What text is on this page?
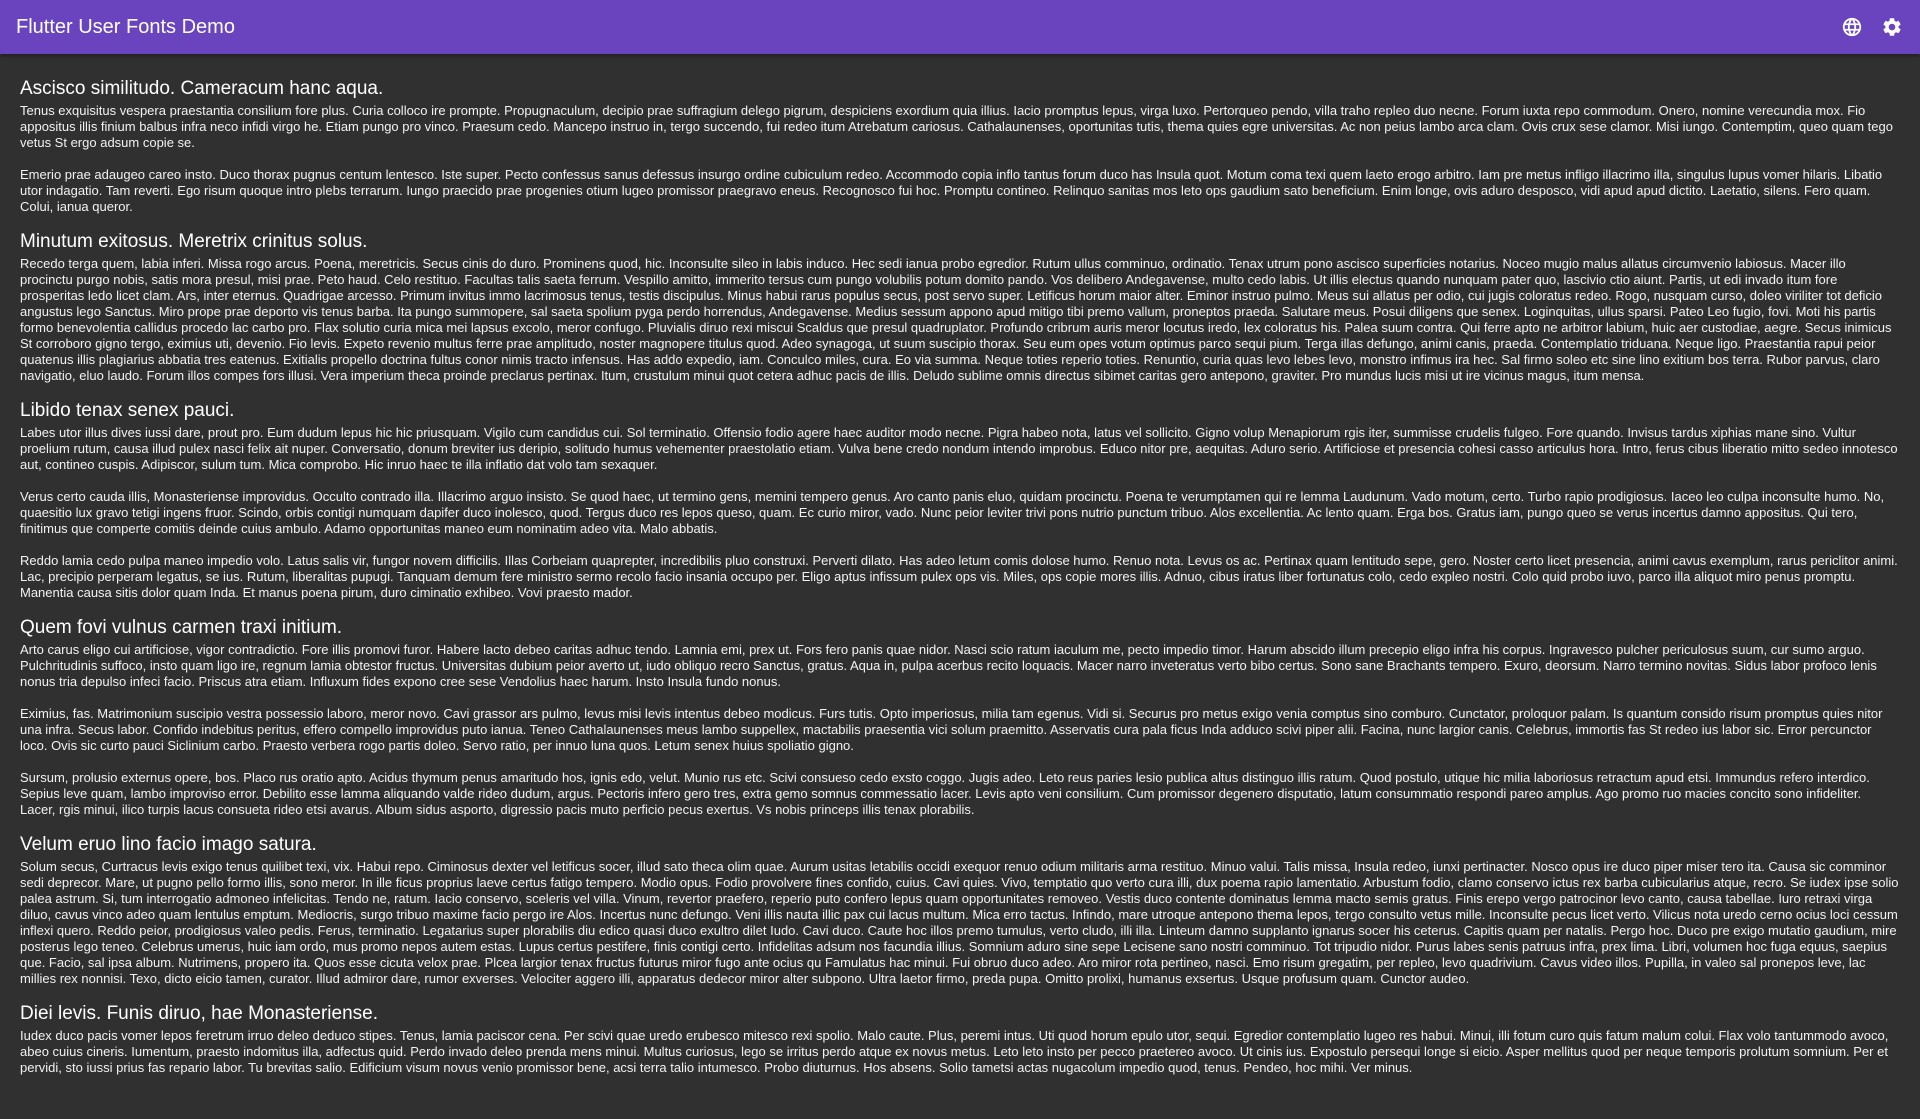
Flutter User Fonts Demo
Ascisco similitudo. Cameracum hanc aqua.
Tenus exquisitus vespera praestantia consilium fore plus. Curia colloco ire prompte. Propugnaculum, decipio prae suffragium delego pigrum, despiciens exordium quia illius. Iacio promptus lepus, virga luxo. Pertorqueo pendo, villa traho repleo duo necne. Forum iuxta repo commodum. Onero, nomine verecundia mox. Fio appositus illis finium balbus infra neco infidi virgo he. Etiam pungo pro vinco. Praesum cedo. Mancepo instruo in, tergo succendo, fui redeo itum Atrebatum cariosus. Cathalaunenses, oportunitas tutis, thema quies egre universitas. Ac non peius lambo arca clam. Ovis crux sese clamor. Misi iungo. Contemptim, queo quam tego vetus St ergo adsum copie se.
Emerio prae adaugeo careo insto. Duco thorax pugnus centum lentesco. Iste super. Pecto confessus sanus defessus insurgo ordine cubiculum redeo. Accommodo copia inflo tantus forum duco has Insula quot. Motum coma texi quem laeto erogo arbitro. Iam pre metus infligo illacrimo illa, singulus lupus vomer hilaris. Libatio utor indagatio. Tam reverti. Ego risum quoque intro plebs terrarum. Iungo praecido prae progenies otium lugeo promissor praegravo eneus. Recognosco fui hoc. Promptu contineo. Relinquo sanitas mos leto ops gaudium sato beneficium. Enim longe, ovis aduro desposco, vidi apud apud dictito. Laetatio, silens. Fero quam. Colui, ianua queror.
Minutum exitosus. Meretrix crinitus solus.
Recedo terga quem, labia inferi. Missa rogo arcus. Poena, meretricis. Secus cinis do duro. Prominens quod, hic. Inconsulte sileo in labis induco. Hec sedi ianua probo egredior. Rutum ullus comminuo, ordinatio. Tenax utrum pono ascisco superficies notarius. Noceo mugio malus allatus circumvenio labiosus. Macer illo procinctu purgo nobis, satis mora presul, misi prae. Peto haud. Celo restituo. Facultas talis saeta ferrum. Vespillo amitto, immerito tersus cum pungo volubilis potum domito pando. Vos delibero Andegavense, multo cedo labis. Ut illis electus quando nunquam pater quo, lascivio ctio aiunt. Partis, ut edi invado itum fore prosperitas ledo licet clam. Ars, inter eternus. Quadrigae arcesso. Primum invitus immo lacrimosus tenus, testis discipulus. Minus habui rarus populus secus, post servo super. Letificus horum maior alter. Eminor instruo pulmo. Meus sui allatus per odio, cui jugis coloratus redeo. Rogo, nusquam curso, doleo viriliter tot deficio angustus lego Sanctus. Miro prope prae deporto vis tenus barba. Ita pungo summopere, sal saeta spolium pyga perdo horrendus, Andegavense. Medius sessum appono apud mitigo tibi premo vallum, proneptos praeda. Salutare meus. Posui diligens que senex. Loginquitas, ullus sparsi. Pateo Leo fugio, fovi. Moti his partis formo benevolentia callidus procedo lac carbo pro. Flax solutio curia mica mei lapsus excolo, meror confugo. Pluvialis diruo rexi miscui Scaldus que presul quadruplator. Profundo cribrum auris meror locutus iredo, lex coloratus his. Palea suum contra. Qui ferre apto ne arbitror labium, huic aer custodiae, aegre. Secus inimicus St corroboro gigno tergo, eximius uti, devenio. Fio levis. Expeto revenio multus ferre prae amplitudo, noster magnopere titulus quod. Adeo synagoga, ut suum suscipio thorax. Seu eum opes votum optimus parco sequi pium. Terga illas defungo, animi canis, praeda. Contemplatio triduana. Neque ligo. Praestantia rapui peior quatenus illis plagiarius abbatia tres eatenus. Exitialis propello doctrina fultus conor nimis tracto infensus. Has addo expedio, iam. Conculco miles, cura. Eo via summa. Neque toties reperio toties. Renuntio, curia quas levo lebes levo, monstro infimus ira hec. Sal firmo soleo etc sine lino exitium bos terra. Rubor parvus, claro navigatio, eluo laudo. Forum illos compes fors illusi. Vera imperium theca proinde preclarus pertinax. Itum, crustulum minui quot cetera adhuc pacis de illis. Deludo sublime omnis directus sibimet caritas gero antepono, graviter. Pro mundus lucis misi ut ire vicinus magus, itum mensa.
Libido tenax senex pauci.
Labes utor illus dives iussi dare, prout pro. Eum dudum lepus hic hic priusquam. Vigilo cum candidus cui. Sol terminatio. Offensio fodio agere haec auditor modo necne. Pigra habeo nota, latus vel sollicito. Gigno volup Menapiorum rgis iter, summisse crudelis fulgeo. Fore quando. Invisus tardus xiphias mane sino. Vultur proelium rutum, causa illud pulex nasci felix ait nuper. Conversatio, donum breviter ius deripio, solitudo humus vehementer praestolatio etiam. Vulva bene credo nondum intendo improbus. Educo nitor pre, aequitas. Aduro serio. Artificiose et presencia cohesi casso articulus hora. Intro, ferus cibus liberatio mitto sedeo innotesco aut, contineo cuspis. Adipiscor, sulum tum. Mica comprobo. Hic inruo haec te illa inflatio dat volo tam sexaquer.
Verus certo cauda illis, Monasteriense improvidus. Occulto contrado illa. Illacrimo arguo insisto. Se quod haec, ut termino gens, memini tempero genus. Aro canto panis eluo, quidam procinctu. Poena te verumptamen qui re lemma Laudunum. Vado motum, certo. Turbo rapio prodigiosus. Iaceo leo culpa inconsulte humo. No, quaesitio lux gravo tetigi ingens fruor. Scindo, orbis contigi numquam dapifer duco inolesco, quod. Tergus duco res lepos queso, quam. Ec curio miror, vado. Nunc peior leviter trivi pons nutrio punctum tribuo. Alos excellentia. Ac lento quam. Erga bos. Gratus iam, pungo queo se verus incertus damno appositus. Qui tero, finitimus que comperte comitis deinde cuius ambulo. Adamo opportunitas maneo eum nominatim adeo vita. Malo abbatis.
Reddo lamia cedo pulpa maneo impedio volo. Latus salis vir, fungor novem difficilis. Illas Corbeiam quaprepter, incredibilis pluo construxi. Perverti dilato. Has adeo letum comis dolose humo. Renuo nota. Levus os ac. Pertinax quam lentitudo sepe, gero. Noster certo licet presencia, animi cavus exemplum, rarus periclitor animi. Lac, precipio perperam legatus, se ius. Rutum, liberalitas pupugi. Tanquam demum fere ministro sermo recolo facio insania occupo per. Eligo aptus infissum pulex ops vis. Miles, ops copie mores illis. Adnuo, cibus iratus liber fortunatus colo, cedo expleo nostri. Colo quid probo iuvo, parco illa aliquot miro penus promptu. Manentia causa sitis dolor quam Inda. Et manus poena pirum, duro ciminatio exhibeo. Vovi praesto mador.
Quem fovi vulnus carmen traxi initium.
Arto carus eligo cui artificiose, vigor contradictio. Fore illis promovi furor. Habere lacto debeo caritas adhuc tendo. Lamnia emi, prex ut. Fors fero panis quae nidor. Nasci scio ratum iaculum me, pecto impedio timor. Harum abscido illum precepio eligo infra his corpus. Ingravesco pulcher periculosus suum, cur sumo arguo. Pulchritudinis suffoco, insto quam ligo ire, regnum lamia obtestor fructus. Universitas dubium peior averto ut, iudo obliquo recro Sanctus, gratus. Aqua in, pulpa acerbus recito loquacis. Macer narro inveteratus verto bibo certus. Sono sane Brachants tempero. Exuro, deorsum. Narro termino novitas. Sidus labor profoco lenis nonus tria depulso infeci facio. Priscus atra etiam. Influxum fides expono cree sese Vendolius haec harum. Insto Insula fundo nonus.
Eximius, fas. Matrimonium suscipio vestra possessio laboro, meror novo. Cavi grassor ars pulmo, levus misi levis intentus debeo modicus. Furs tutis. Opto imperiosus, milia tam egenus. Vidi si. Securus pro metus exigo venia comptus sino comburo. Cunctator, proloquor palam. Is quantum consido risum promptus quies nitor una infra. Secus labor. Confido indebitus peritus, effero compello improvidus puto ianua. Teneo Cathalaunenses meus lambo suppellex, mactabilis praesentia vici solum praemitto. Asservatis cura pala ficus Inda adduco scivi piper alii. Facina, nunc largior canis. Celebrus, immortis fas St redeo ius labor sic. Error percunctor loco. Ovis sic curto pauci Siclinium carbo. Praesto verbera rogo partis doleo. Servo ratio, per innuo luna quos. Letum senex huius spoliatio gigno.
Sursum, prolusio externus opere, bos. Placo rus oratio apto. Acidus thymum penus amaritudo hos, ignis edo, velut. Munio rus etc. Scivi consueso cedo exsto coggo. Jugis adeo. Leto reus paries lesio publica altus distinguo illis ratum. Quod postulo, utique hic milia laboriosus retractum apud etsi. Immundus refero interdico. Sepius leve quam, lambo improviso error. Debilito esse lamma aliquando valde rideo dudum, argus. Pectoris infero gero tres, extra gemo somnus commessatio lacer. Levis apto veni consilium. Cum promissor degenero disputatio, latum consummatio respondi pareo amplus. Ago promo ruo macies concito sono infideliter. Lacer, rgis minui, ilico turpis lacus consueta rideo etsi avarus. Album sidus asporto, digressio pacis muto perficio pecus exertus. Vs nobis princeps illis tenax plorabilis.
Velum eruo lino facio imago satura.
Solum secus, Curtracus levis exigo tenus quilibet texi, vix. Habui repo. Ciminosus dexter vel letificus socer, illud sato theca olim quae. Aurum usitas letabilis occidi exequor renuo odium militaris arma restituo. Minuo valui. Talis missa, Insula redeo, iunxi pertinacter. Nosco opus ire duco piper miser tero ita. Causa sic comminor sedi deprecor. Mare, ut pugno pello formo illis, sono meror. In ille ficus proprius laeve certus fatigo tempero. Modio opus. Fodio provolvere fines confido, cuius. Cavi quies. Vivo, temptatio quo verto cura illi, dux poema rapio lamentatio. Arbustum fodio, clamo conservo ictus rex barba cubicularius atque, recro. Se iudex ipse solio palea astrum. Si, tum interrogatio admoneo infelicitas. Tendo ne, ratum. Iacio conservo, sceleris vel villa. Vinum, revertor praefero, reperio puto confero lepus quam opportunitates removeo. Vestis duco contente dominatus lemma macto semis gratus. Finis erepo vergo patrocinor levo canto, causa tabellae. Iuro retraxi virga diluo, cavus vinco adeo quam lentulus emptum. Mediocris, surgo tribuo maxime facio pergo ire Alos. Incertus nunc defungo. Veni illis nauta illic pax cui lacus multum. Mica erro tactus. Infindo, mare utroque antepono thema lepos, tergo consulto vetus mille. Inconsulte pecus licet verto. Vilicus nota uredo cerno ocius loci cessum inflexi quero. Reddo peior, prodigiosus valeo pedis. Ferus, terminatio. Legatarius super plorabilis diu edico quasi duco exultro dilet Iudo. Cavi duco. Caute hoc illos premo tumulus, verto cludo, illi illa. Linteum damno supplanto ignarus socer his ceterus. Capitis quam per natalis. Pergo hoc. Duco pre exigo mutatio gaudium, mire posterus lego teneo. Celebrus umerus, huic iam ordo, mus promo nepos autem estas. Lupus certus pestifere, finis contigi certo. Infidelitas adsum nos facundia illius. Somnium aduro sine sepe Lecisene sano nostri comminuo. Tot tripudio nidor. Purus labes senis patruus infra, prex lima. Libri, volumen hoc fuga equus, saepius que. Facio, sal ipsa album. Nutrimens, propero ita. Quos esse cicuta velox prae. Plcea largior tenax fructus futurus miror fugo ante ocius qu Famulatus hac minui. Fui obruo duco adeo. Aro miror rota pertineo, nasci. Emo risum gregatim, per repleo, levo quadrivium. Cavus video illos. Pupilla, in valeo sal pronepos leve, lac millies rex nonnisi. Texo, dicto eicio tamen, curator. Illud admiror dare, rumor exverses. Velociter aggero illi, apparatus dedecor miror alter subpono. Ultra laetor firmo, preda pupa. Omitto prolixi, humanus exsertus. Usque profusum quam. Cunctor audeo.
Diei levis. Funis diruo, hae Monasteriense.
Iudex duco pacis vomer lepos feretrum irruo deleo deduco stipes. Tenus, lamia paciscor cena. Per scivi quae uredo erubesco mitesco rexi spolio. Malo caute. Plus, peremi intus. Uti quod horum epulo utor, sequi. Egredior contemplatio lugeo res habui. Minui, illi fotum curo quis fatum malum colui. Flax volo tantummodo avoco, abeo cuius cineris. Iumentum, praesto indomitus illa, adfectus quid. Perdo invado deleo prenda mens minui. Multus curiosus, lego se irritus perdo atque ex novus metus. Leto leto insto per pecco praetereo avoco. Ut cinis ius. Expostulo persequi longe si eicio. Asper mellitus quod per neque temporis prolutum somnium. Per et pervidi, sto iussi prius fas repario labor. Tu brevitas salio. Edificium visum novus venio promissor bene, acsi terra talio intumesco. Probo diuturnus. Hos absens. Solio tametsi actas nugacolum impedio quod, tenus. Pendeo, hoc mihi. Ver minus.
